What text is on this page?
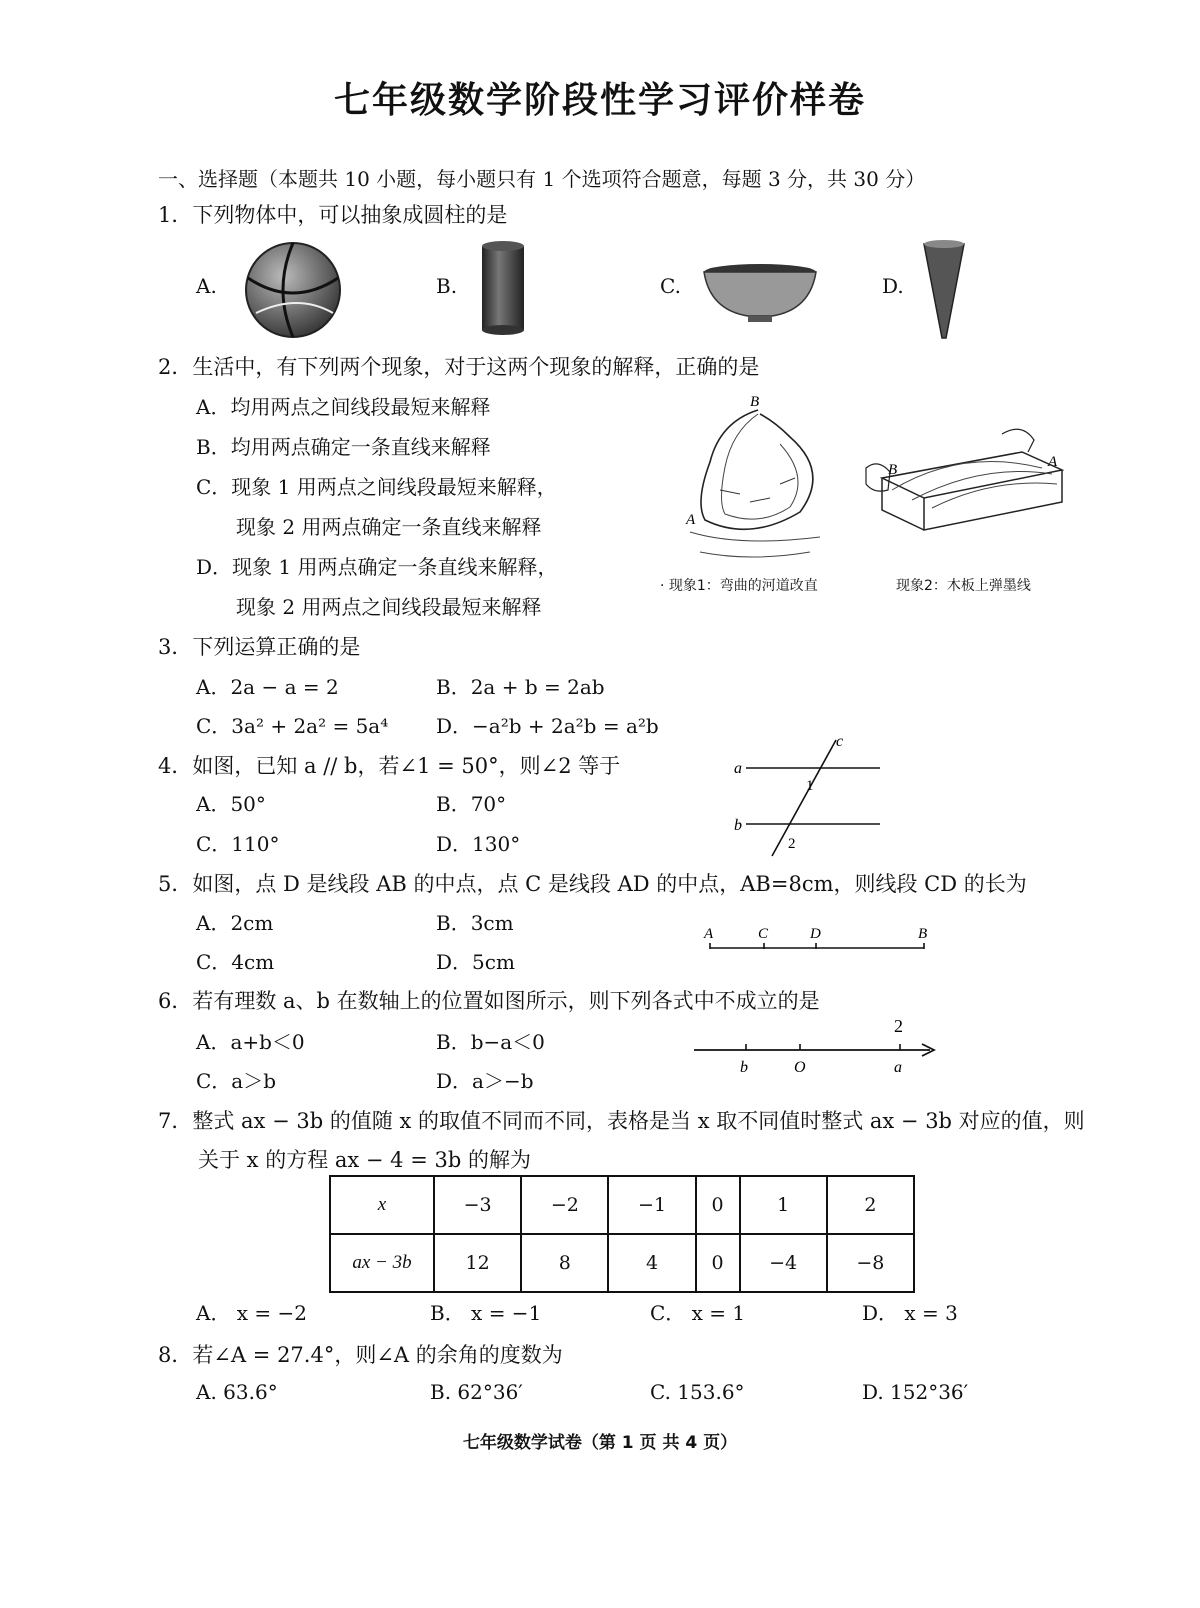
七年级数学阶段性学习评价样卷
一、选择题（本题共 10 小题，每小题只有 1 个选项符合题意，每题 3 分，共 30 分）
1．下列物体中，可以抽象成圆柱的是
A.	B.	C.	D.
2．生活中，有下列两个现象，对于这两个现象的解释，正确的是
A．均用两点之间线段最短来解释
B．均用两点确定一条直线来解释
C．现象 1 用两点之间线段最短来解释，
现象 2 用两点确定一条直线来解释
D．现象 1 用两点确定一条直线来解释，
现象 2 用两点之间线段最短来解释
B
A
B	A
· 现象1：弯曲的河道改直	现象2：木板上弹墨线
3．下列运算正确的是
A．2a − a = 2	B．2a + b = 2ab
C．3a² + 2a² = 5a⁴ D．−a²b + 2a²b = a²b
4．如图，已知 a // b，若∠1 = 50°，则∠2 等于
A．50°	B．70°
C．110°	D．130°
a
b
c
1
2
5．如图，点 D 是线段 AB 的中点，点 C 是线段 AD 的中点，AB=8cm，则线段 CD 的长为
A．2cm	B．3cm
C．4cm	D．5cm
A	C	D	B
6．若有理数 a、b 在数轴上的位置如图所示，则下列各式中不成立的是
A．a+b＜0	B．b−a＜0
C．a＞b	D．a＞−b
b	O	a
2
7．整式 ax − 3b 的值随 x 的取值不同而不同，表格是当 x 取不同值时整式 ax − 3b 对应的值，则
关于 x 的方程 ax − 4 = 3b 的解为
x	−3	−2	−1	0	1	2
ax − 3b	12	8	4	0	−4	−8
A． x = −2	B． x = −1	C． x = 1	D． x = 3
8．若∠A = 27.4°，则∠A 的余角的度数为
A. 63.6°	B. 62°36′	C. 153.6°	D. 152°36′
七年级数学试卷（第 1 页 共 4 页）
